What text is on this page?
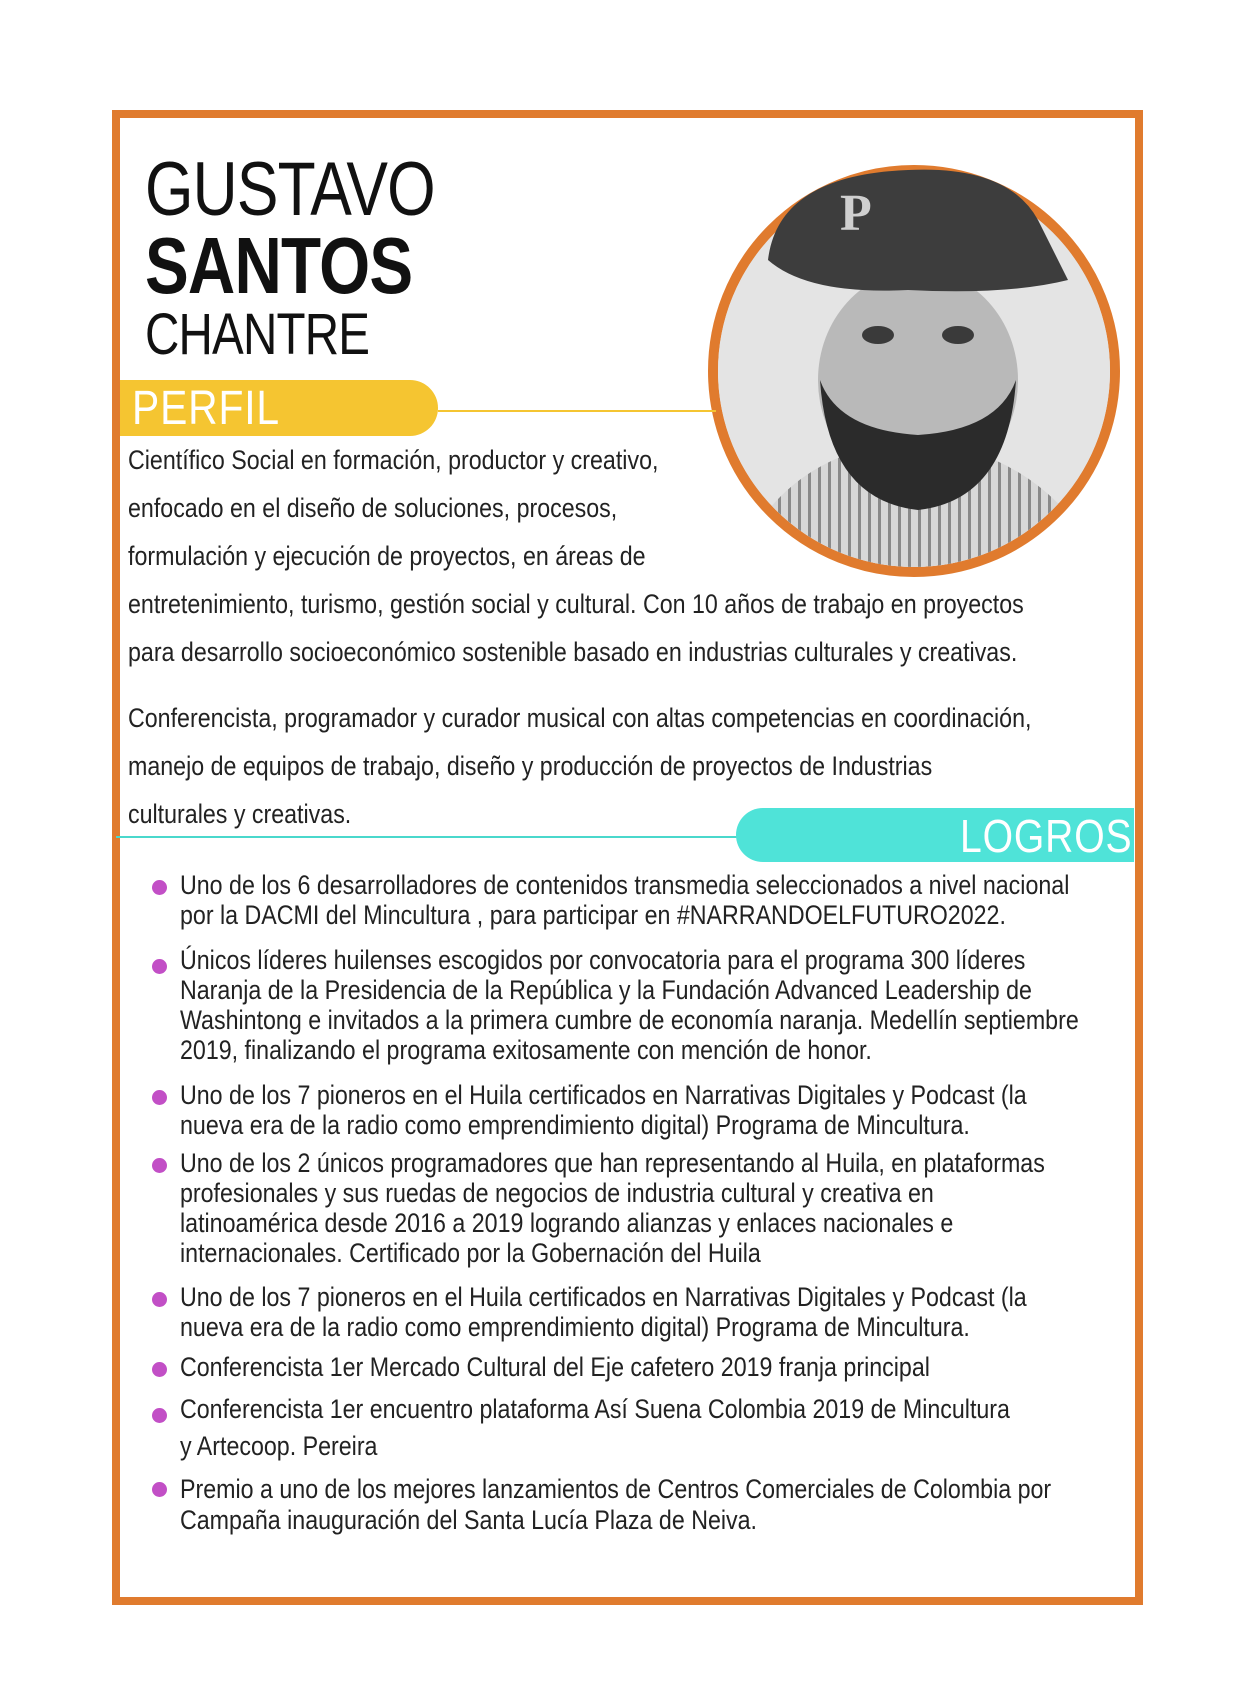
GUSTAVO
SANTOS
CHANTRE
P
PERFIL
Científico Social en formación, productor y creativo,
enfocado en el diseño de soluciones, procesos,
formulación y ejecución de proyectos, en áreas de
entretenimiento, turismo, gestión social y cultural. Con 10 años de trabajo en proyectos
para desarrollo socioeconómico sostenible basado en industrias culturales y creativas.
Conferencista, programador y curador musical con altas competencias en coordinación,
manejo de equipos de trabajo, diseño y producción de proyectos de Industrias
culturales y creativas.	LOGROS
Uno de los 6 desarrolladores de contenidos transmedia seleccionados a nivel nacional
por la DACMI del Mincultura , para participar en #NARRANDOELFUTURO2022.
Únicos líderes huilenses escogidos por convocatoria para el programa 300 líderes
Naranja de la Presidencia de la República y la Fundación Advanced Leadership de
Washintong e invitados a la primera cumbre de economía naranja. Medellín septiembre
2019, finalizando el programa exitosamente con mención de honor.
Uno de los 7 pioneros en el Huila certificados en Narrativas Digitales y Podcast (la
nueva era de la radio como emprendimiento digital) Programa de Mincultura.
Uno de los 2 únicos programadores que han representando al Huila, en plataformas
profesionales y sus ruedas de negocios de industria cultural y creativa en
latinoamérica desde 2016 a 2019 logrando alianzas y enlaces nacionales e
internacionales. Certificado por la Gobernación del Huila
Uno de los 7 pioneros en el Huila certificados en Narrativas Digitales y Podcast (la
nueva era de la radio como emprendimiento digital) Programa de Mincultura.
Conferencista 1er Mercado Cultural del Eje cafetero 2019 franja principal
Conferencista 1er encuentro plataforma Así Suena Colombia 2019 de Mincultura
y Artecoop. Pereira
Premio a uno de los mejores lanzamientos de Centros Comerciales de Colombia por
Campaña inauguración del Santa Lucía Plaza de Neiva.
